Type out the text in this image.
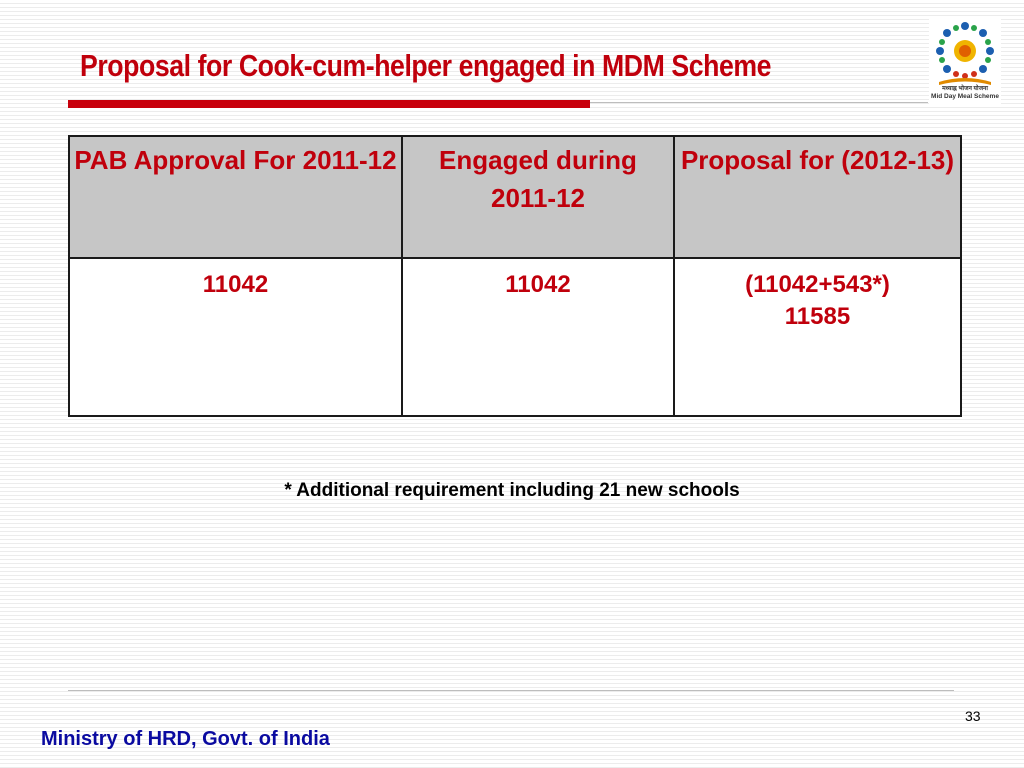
Proposal for Cook-cum-helper engaged in MDM Scheme
मध्याह्न भोजन योजना
Mid Day Meal Scheme
PAB Approval For 2011-12	Engaged during 2011-12	Proposal for (2012-13)
11042	11042	(11042+543*)
11585
* Additional requirement including 21 new schools
33
Ministry of HRD, Govt. of India
